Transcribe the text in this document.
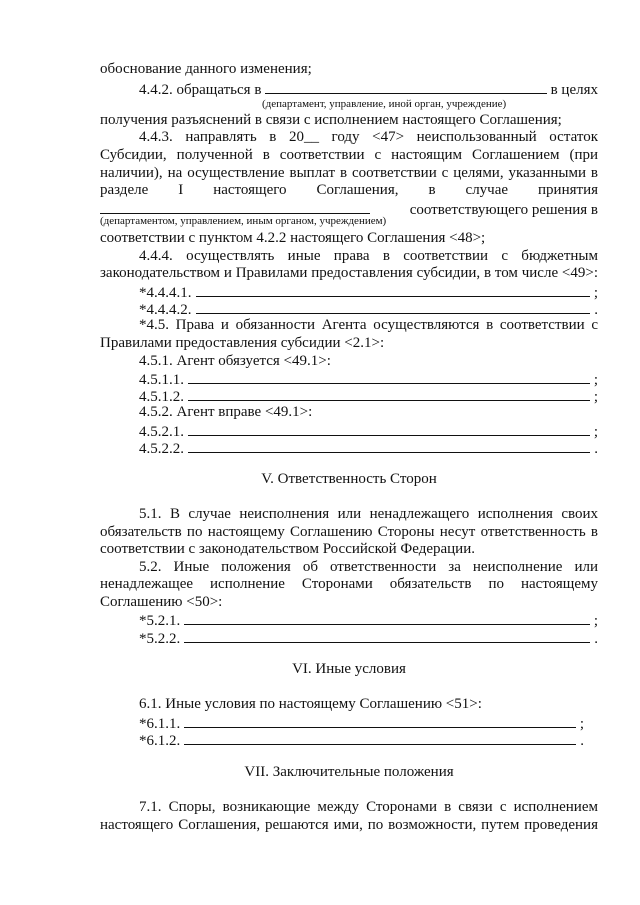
обоснование данного изменения;
4.4.2. обращаться в	в целях
(департамент, управление, иной орган, учреждение)
получения разъяснений в связи с исполнением настоящего Соглашения;
4.4.3. направлять в 20__ году <47> неиспользованный остаток
Субсидии, полученной в соответствии с настоящим Соглашением (при
наличии), на осуществление выплат в соответствии с целями, указанными в
разделе I настоящего Соглашения, в случае принятия
соответствующего решения в
(департаментом, управлением, иным органом, учреждением)
соответствии с пунктом 4.2.2 настоящего Соглашения <48>;
4.4.4. осуществлять иные права в соответствии с бюджетным
законодательством и Правилами предоставления субсидии, в том числе <49>:
*4.4.4.1.	;
*4.4.4.2.	.
*4.5. Права и обязанности Агента осуществляются в соответствии с
Правилами предоставления субсидии <2.1>:
4.5.1. Агент обязуется <49.1>:
4.5.1.1.	;
4.5.1.2.	;
4.5.2. Агент вправе <49.1>:
4.5.2.1.	;
4.5.2.2.	.
V. Ответственность Сторон
5.1. В случае неисполнения или ненадлежащего исполнения своих
обязательств по настоящему Соглашению Стороны несут ответственность в
соответствии с законодательством Российской Федерации.
5.2. Иные положения об ответственности за неисполнение или
ненадлежащее исполнение Сторонами обязательств по настоящему
Соглашению <50>:
*5.2.1.	;
*5.2.2.	.
VI. Иные условия
6.1. Иные условия по настоящему Соглашению <51>:
*6.1.1.	;
*6.1.2.	.
VII. Заключительные положения
7.1. Споры, возникающие между Сторонами в связи с исполнением
настоящего Соглашения, решаются ими, по возможности, путем проведения
